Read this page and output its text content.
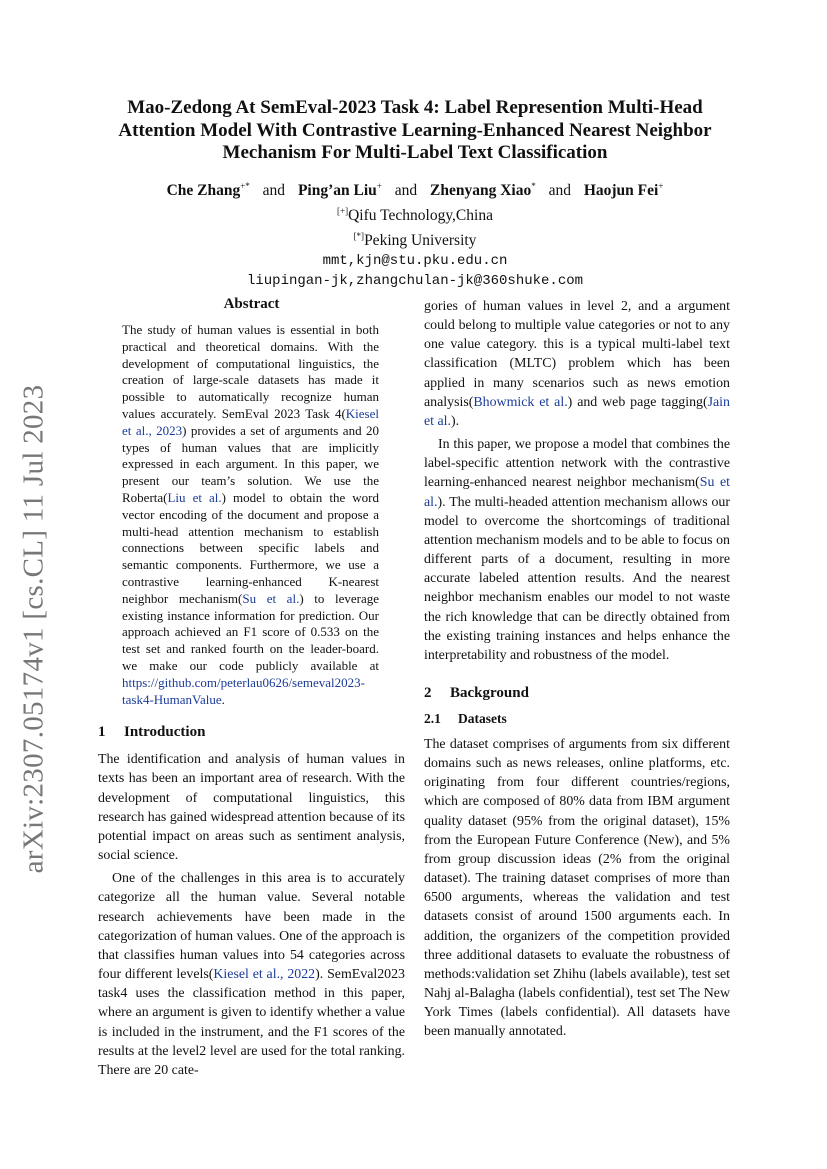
arXiv:2307.05174v1 [cs.CL] 11 Jul 2023
Mao-Zedong At SemEval-2023 Task 4: Label Represention Multi-Head Attention Model With Contrastive Learning-Enhanced Nearest Neighbor Mechanism For Multi-Label Text Classification
Che Zhang+* and Ping’an Liu+ and Zhenyang Xiao* and Haojun Fei+
[+]Qifu Technology,China
[*]Peking University
mmt,kjn@stu.pku.edu.cn
liupingan-jk,zhangchulan-jk@360shuke.com
Abstract

The study of human values is essential in both practical and theoretical domains. With the development of computational linguistics, the creation of large-scale datasets has made it possible to automatically recognize human values accurately. SemEval 2023 Task 4(Kiesel et al., 2023) provides a set of arguments and 20 types of human values that are implicitly expressed in each argument. In this paper, we present our team’s solution. We use the Roberta(Liu et al.) model to obtain the word vector encoding of the document and propose a multi-head attention mechanism to establish connections between specific labels and semantic components. Furthermore, we use a contrastive learning-enhanced K-nearest neighbor mechanism(Su et al.) to leverage existing instance information for prediction. Our approach achieved an F1 score of 0.533 on the test set and ranked fourth on the leader-board. we make our code publicly available at https://github.com/peterlau0626/semeval2023-task4-HumanValue.

1 Introduction

The identification and analysis of human values in texts has been an important area of research. With the development of computational linguistics, this research has gained widespread attention because of its potential impact on areas such as sentiment analysis, social science.

One of the challenges in this area is to accurately categorize all the human value. Several notable research achievements have been made in the categorization of human values. One of the approach is that classifies human values into 54 categories across four different levels(Kiesel et al., 2022). SemEval2023 task4 uses the classification method in this paper, where an argument is given to identify whether a value is included in the instrument, and the F1 scores of the results at the level2 level are used for the total ranking. There are 20 cate-

gories of human values in level 2, and a argument could belong to multiple value categories or not to any one value category. this is a typical multi-label text classification (MLTC) problem which has been applied in many scenarios such as news emotion analysis(Bhowmick et al.) and web page tagging(Jain et al.).

In this paper, we propose a model that combines the label-specific attention network with the contrastive learning-enhanced nearest neighbor mechanism(Su et al.). The multi-headed attention mechanism allows our model to overcome the shortcomings of traditional attention mechanism models and to be able to focus on different parts of a document, resulting in more accurate labeled attention results. And the nearest neighbor mechanism enables our model to not waste the rich knowledge that can be directly obtained from the existing training instances and helps enhance the interpretability and robustness of the model.

2 Background
2.1 Datasets

The dataset comprises of arguments from six different domains such as news releases, online platforms, etc. originating from four different countries/regions, which are composed of 80% data from IBM argument quality dataset (95% from the original dataset), 15% from the European Future Conference (New), and 5% from group discussion ideas (2% from the original dataset). The training dataset comprises of more than 6500 arguments, whereas the validation and test datasets consist of around 1500 arguments each. In addition, the organizers of the competition provided three additional datasets to evaluate the robustness of methods:validation set Zhihu (labels available), test set Nahj al-Balagha (labels confidential), test set The New York Times (labels confidential). All datasets have been manually annotated.
